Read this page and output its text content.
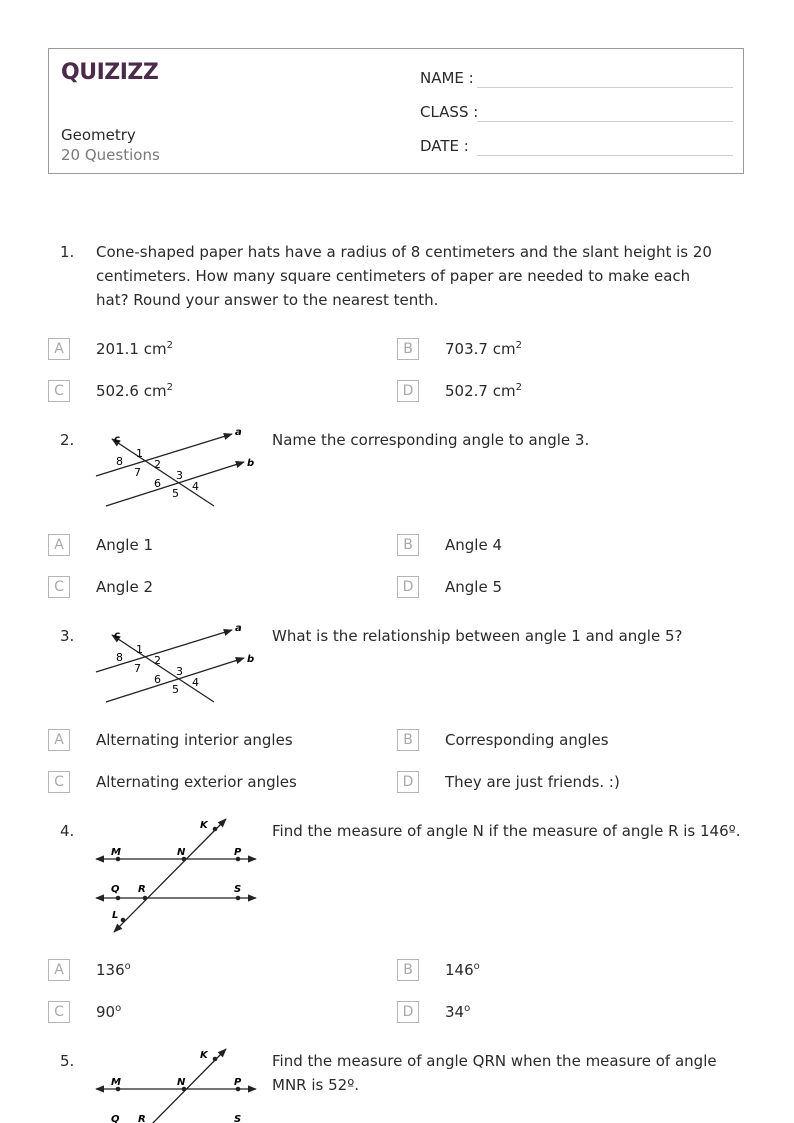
QUIZIZZ
Geometry
20 Questions
NAME :
CLASS :
DATE :
1. Cone-shaped paper hats have a radius of 8 centimeters and the slant height is 20 centimeters. How many square centimeters of paper are needed to make each hat? Round your answer to the nearest tenth.
A	201.1 $cm^2$	B	703.7 $cm^2$
C	502.6 $cm^2$	D	502.7 $cm^2$
2.	c
a
b
1
2
3
4
5
6
7
8
Name the corresponding angle to angle 3.
A	Angle 1	B	Angle 4
C	Angle 2	D	Angle 5
3.	c
a
b
1
2
3
4
5
6
7
8
What is the relationship between angle 1 and angle 5?
A	Alternating interior angles	B	Corresponding angles
C	Alternating exterior angles	D	They are just friends. :)
4.	K
M	N	P
Q R	S
L
Find the measure of angle N if the measure of angle R is 146º.
A	136$^o$	B	146$^o$
C	90$^o$	D	34$^o$
5.	K
M	N	P
Q R	S
Find the measure of angle QRN when the measure of angle MNR is 52º.
